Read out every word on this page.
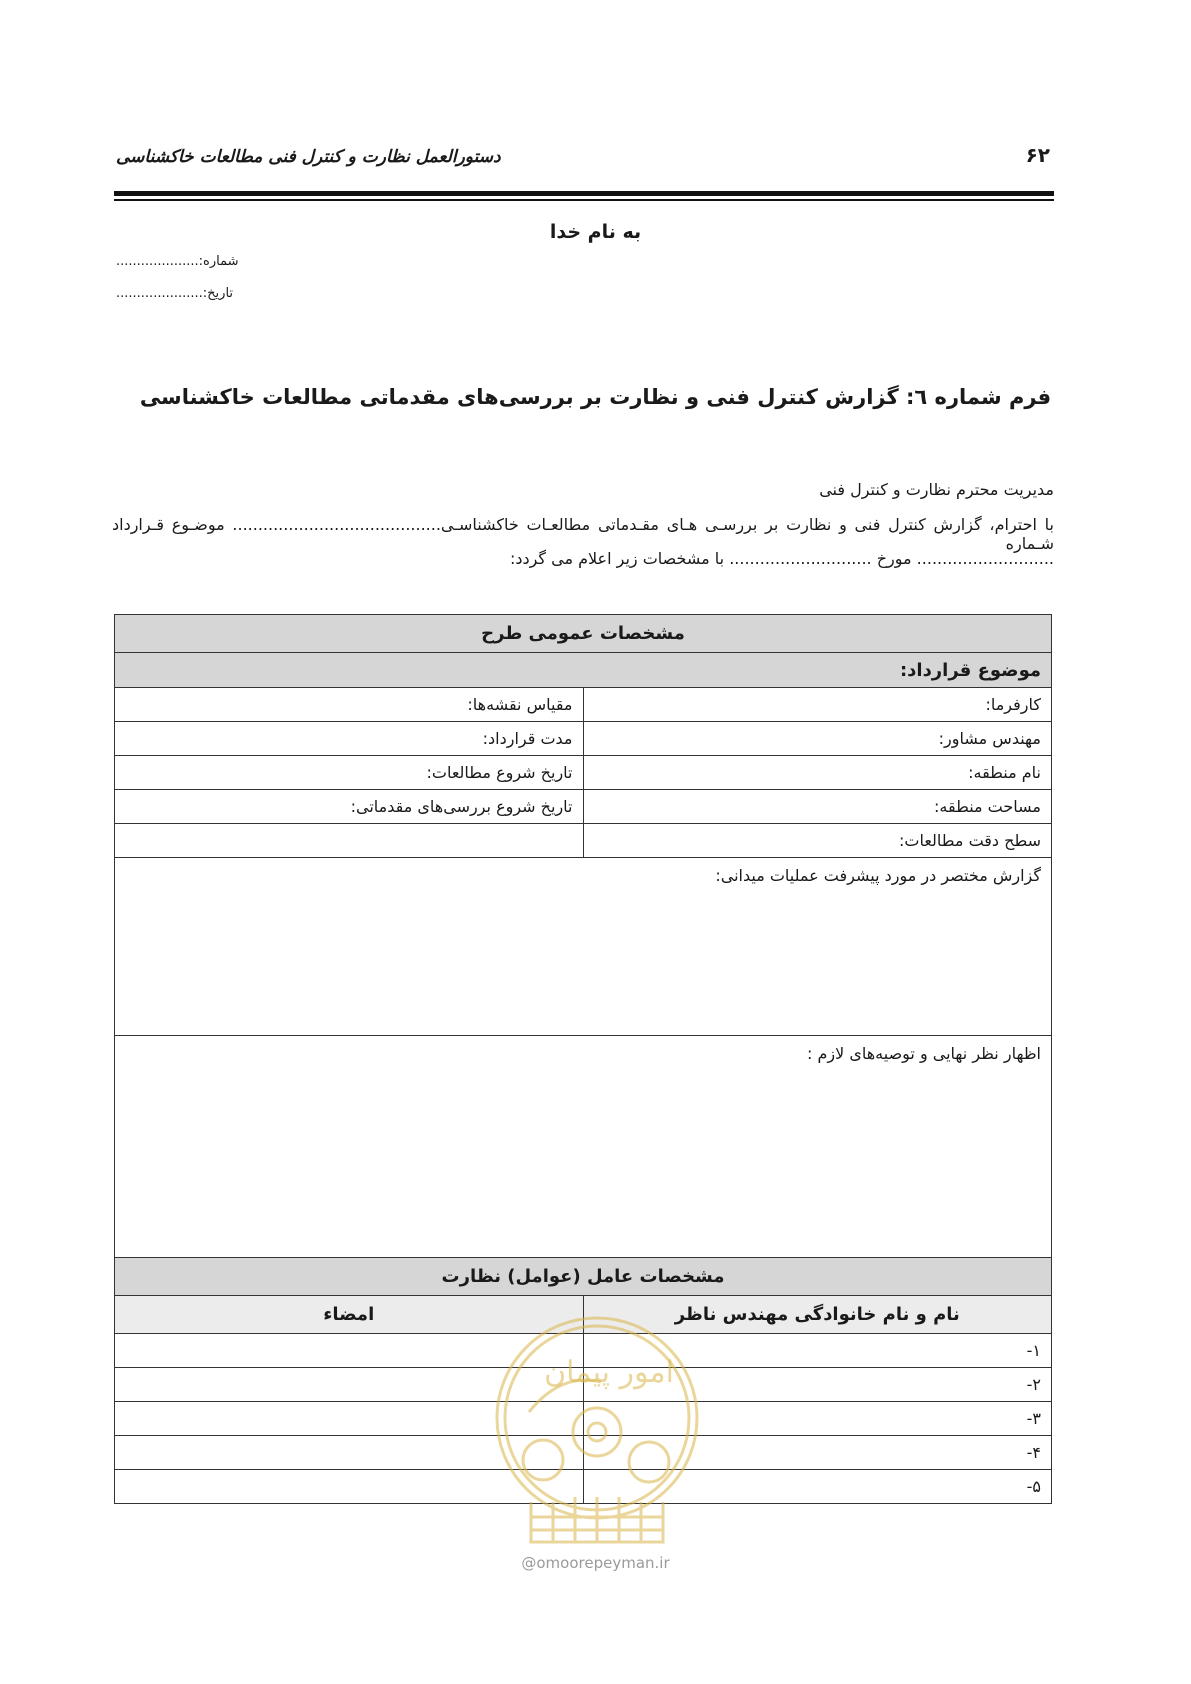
۶۲
دستورالعمل نظارت و کنترل فنی مطالعات خاکشناسی
به نام خدا
شماره:....................
تاریخ:.....................
فرم شماره ٦: گزارش کنترل فنی و نظارت بر بررسی‌های مقدماتی مطالعات خاکشناسی
مدیریت محترم نظارت و کنترل فنی
با احترام، گزارش کنترل فنی و نظارت بر بررسـی هـای مقـدماتی مطالعـات خاکشناسـی......................................... موضـوع قـرارداد شـماره
........................... مورخ ............................ با مشخصات زیر اعلام می گردد:
مشخصات عمومی طرح	
موضوع قرارداد:	
کارفرما:	مقیاس نقشه‌ها:
مهندس مشاور:	مدت قرارداد:
نام منطقه:	تاریخ شروع مطالعات:
مساحت منطقه:	تاریخ شروع بررسی‌های مقدماتی:
سطح دقت مطالعات:	
گزارش مختصر در مورد پیشرفت عملیات میدانی:	
اظهار نظر نهایی و توصیه‌های لازم :	
مشخصات عامل (عوامل) نظارت	
نام و نام خانوادگی مهندس ناظر	امضاء
۱-	
۲-	
۳-	
۴-	
۵-	
امور پیمان
@omoorepeyman.ir
